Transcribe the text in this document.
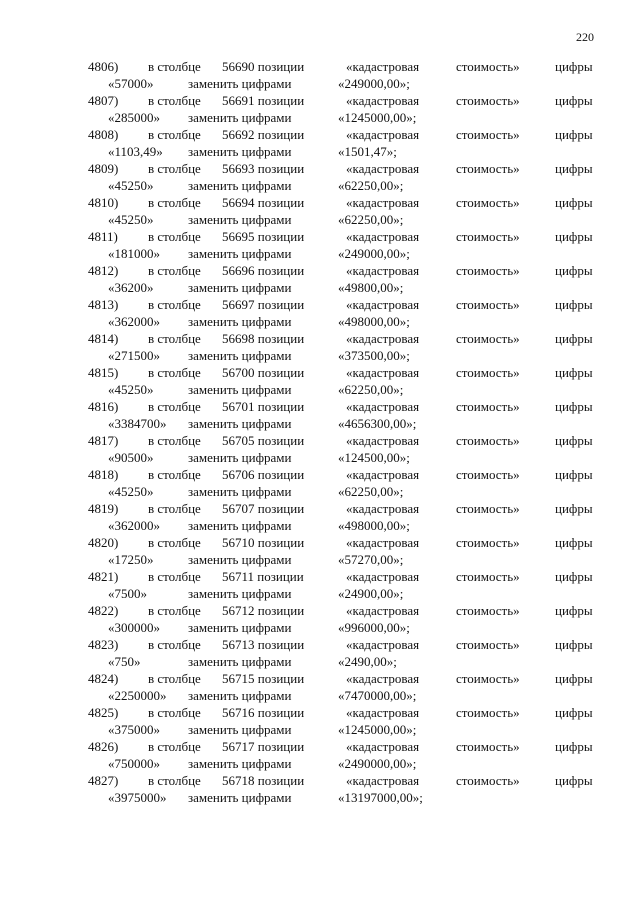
220
4806) в столбце 56690 позиции	«кадастровая	стоимость»	цифры
«57000»	заменить цифрами	«249000,00»;
4807) в столбце 56691 позиции	«кадастровая	стоимость»	цифры
«285000» заменить цифрами	«1245000,00»;
4808) в столбце 56692 позиции	«кадастровая	стоимость»	цифры
«1103,49» заменить цифрами	«1501,47»;
4809) в столбце 56693 позиции	«кадастровая	стоимость»	цифры
«45250»	заменить цифрами	«62250,00»;
4810) в столбце 56694 позиции	«кадастровая	стоимость»	цифры
«45250»	заменить цифрами	«62250,00»;
4811) в столбце 56695 позиции	«кадастровая	стоимость»	цифры
«181000» заменить цифрами	«249000,00»;
4812) в столбце 56696 позиции	«кадастровая	стоимость»	цифры
«36200»	заменить цифрами	«49800,00»;
4813) в столбце 56697 позиции	«кадастровая	стоимость»	цифры
«362000» заменить цифрами	«498000,00»;
4814) в столбце 56698 позиции	«кадастровая	стоимость»	цифры
«271500» заменить цифрами	«373500,00»;
4815) в столбце 56700 позиции	«кадастровая	стоимость»	цифры
«45250»	заменить цифрами	«62250,00»;
4816) в столбце 56701 позиции	«кадастровая	стоимость»	цифры
«3384700» заменить цифрами	«4656300,00»;
4817) в столбце 56705 позиции	«кадастровая	стоимость»	цифры
«90500»	заменить цифрами	«124500,00»;
4818) в столбце 56706 позиции	«кадастровая	стоимость»	цифры
«45250»	заменить цифрами	«62250,00»;
4819) в столбце 56707 позиции	«кадастровая	стоимость»	цифры
«362000» заменить цифрами	«498000,00»;
4820) в столбце 56710 позиции	«кадастровая	стоимость»	цифры
«17250»	заменить цифрами	«57270,00»;
4821) в столбце 56711 позиции	«кадастровая	стоимость»	цифры
«7500»	заменить цифрами	«24900,00»;
4822) в столбце 56712 позиции	«кадастровая	стоимость»	цифры
«300000» заменить цифрами	«996000,00»;
4823) в столбце 56713 позиции	«кадастровая	стоимость»	цифры
«750»	заменить цифрами	«2490,00»;
4824) в столбце 56715 позиции	«кадастровая	стоимость»	цифры
«2250000» заменить цифрами	«7470000,00»;
4825) в столбце 56716 позиции	«кадастровая	стоимость»	цифры
«375000» заменить цифрами	«1245000,00»;
4826) в столбце 56717 позиции	«кадастровая	стоимость»	цифры
«750000» заменить цифрами	«2490000,00»;
4827) в столбце 56718 позиции	«кадастровая	стоимость»	цифры
«3975000» заменить цифрами	«13197000,00»;
